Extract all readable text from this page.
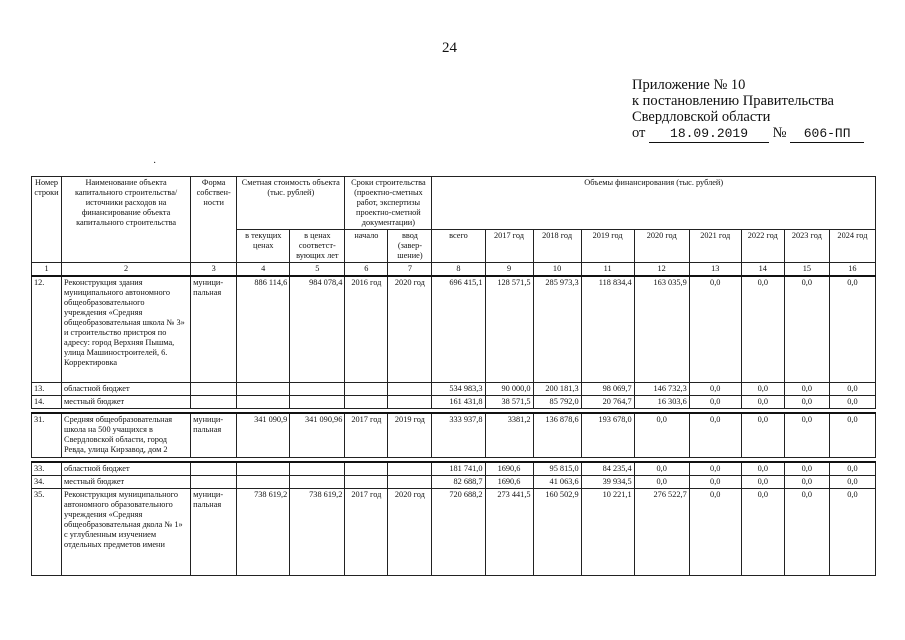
24
Приложение № 10
к постановлению Правительства
Свердловской области
от 18.09.2019 № 606-ПП
·
Номер строки	Наименование объекта капитального строительства/ источники расходов на финансирование объекта капитального строительства	Форма собствен-ности	Сметная стоимость объекта (тыс. рублей)		Сроки строительства (проектно-сметных работ, экспертизы проектно-сметной документации)		Объемы финансирования (тыс. рублей)								
			в текущих ценах	в ценах соответст-вующих лет	начало	ввод (завер-шение)	всего	2017 год	2018 год	2019 год	2020 год	2021 год	2022 год	2023 год	2024 год
1	2	3	4	5	6	7	8	9	10	11	12	13	14	15	16
12.	Реконструкция здания муниципального автономного общеобразовательного учреждения «Средняя общеобразовательная школа № 3» и строительство пристроя по адресу: город Верхняя Пышма, улица Машиностроителей, 6. Корректировка	муници-пальная	886 114,6	984 078,4	2016 год	2020 год	696 415,1	128 571,5	285 973,3	118 834,4	163 035,9	0,0	0,0	0,0	0,0
13.	областной бюджет						534 983,3	90 000,0	200 181,3	98 069,7	146 732,3	0,0	0,0	0,0	0,0
14.	местный бюджет						161 431,8	38 571,5	85 792,0	20 764,7	16 303,6	0,0	0,0	0,0	0,0

31.	Средняя общеобразовательная школа на 500 учащихся в Свердловской области, город Ревда, улица Кирзавод, дом 2	муници-пальная	341 090,9	341 090,96	2017 год	2019 год	333 937,8	3381,2	136 878,6	193 678,0	0,0	0,0	0,0	0,0	0,0

33.	областной бюджет						181 741,0	1690,6	95 815,0	84 235,4	0,0	0,0	0,0	0,0	0,0
34.	местный бюджет						82 688,7	1690,6	41 063,6	39 934,5	0,0	0,0	0,0	0,0	0,0
35.	Реконструкция муниципального автономного образовательного учреждения «Средняя общеобразовательная дкола № 1» с углубленным изучением отдельных предметов имени	муници-пальная	738 619,2	738 619,2	2017 год	2020 год	720 688,2	273 441,5	160 502,9	10 221,1	276 522,7	0,0	0,0	0,0	0,0
